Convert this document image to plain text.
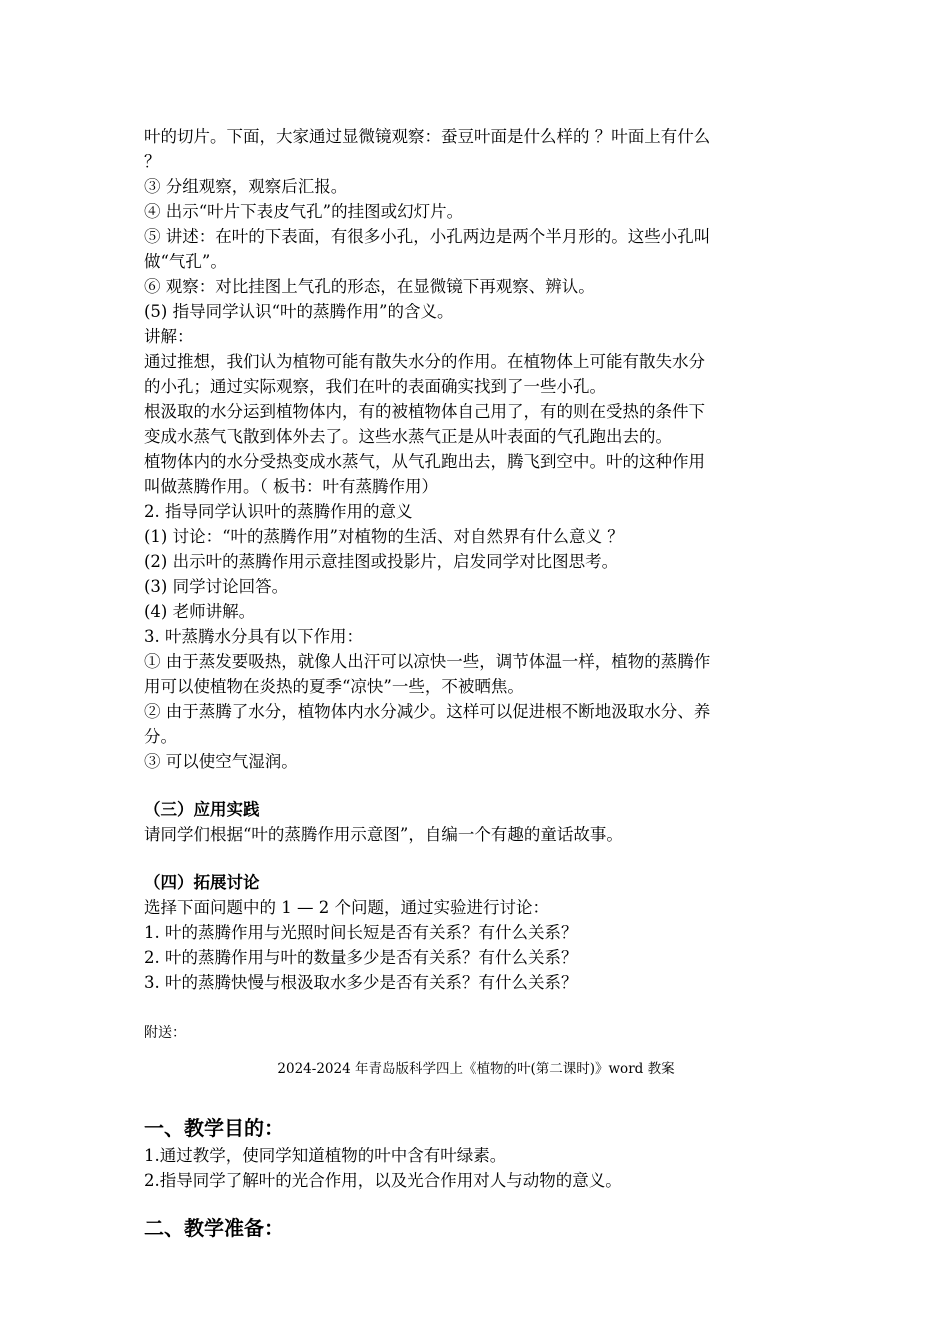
叶的切片。下面，大家通过显微镜观察：蚕豆叶面是什么样的 ？叶面上有什么

？

③ 分组观察，观察后汇报。

④ 出示“叶片下表皮气孔”的挂图或幻灯片。

⑤ 讲述：在叶的下表面，有很多小孔，小孔两边是两个半月形的。这些小孔叫

做“气孔”。

⑥ 观察：对比挂图上气孔的形态，在显微镜下再观察、辨认。

(5) 指导同学认识“叶的蒸腾作用”的含义。

讲解：

通过推想，我们认为植物可能有散失水分的作用。在植物体上可能有散失水分

的小孔；通过实际观察，我们在叶的表面确实找到了一些小孔。

根汲取的水分运到植物体内，有的被植物体自己用了，有的则在受热的条件下

变成水蒸气飞散到体外去了。这些水蒸气正是从叶表面的气孔跑出去的。

植物体内的水分受热变成水蒸气，从气孔跑出去，腾飞到空中。叶的这种作用

叫做蒸腾作用。（ 板书：叶有蒸腾作用）

2. 指导同学认识叶的蒸腾作用的意义

(1) 讨论：“叶的蒸腾作用”对植物的生活、对自然界有什么意义 ？

(2) 出示叶的蒸腾作用示意挂图或投影片，启发同学对比图思考。

(3) 同学讨论回答。

(4) 老师讲解。

3. 叶蒸腾水分具有以下作用：

① 由于蒸发要吸热，就像人出汗可以凉快一些，调节体温一样，植物的蒸腾作

用可以使植物在炎热的夏季“凉快”一些，不被晒焦。

② 由于蒸腾了水分，植物体内水分减少。这样可以促进根不断地汲取水分、养

分。

③ 可以使空气湿润。

（三）应用实践

请同学们根据“叶的蒸腾作用示意图”，自编一个有趣的童话故事。

（四）拓展讨论

选择下面问题中的 1 — 2 个问题，通过实验进行讨论：

1. 叶的蒸腾作用与光照时间长短是否有关系？有什么关系？

2. 叶的蒸腾作用与叶的数量多少是否有关系？有什么关系？

3. 叶的蒸腾快慢与根汲取水多少是否有关系？有什么关系？

附送：

2024-2024 年青岛版科学四上《植物的叶(第二课时)》word 教案

一、教学目的：

1.通过教学，使同学知道植物的叶中含有叶绿素。

2.指导同学了解叶的光合作用，以及光合作用对人与动物的意义。

二、教学准备：
